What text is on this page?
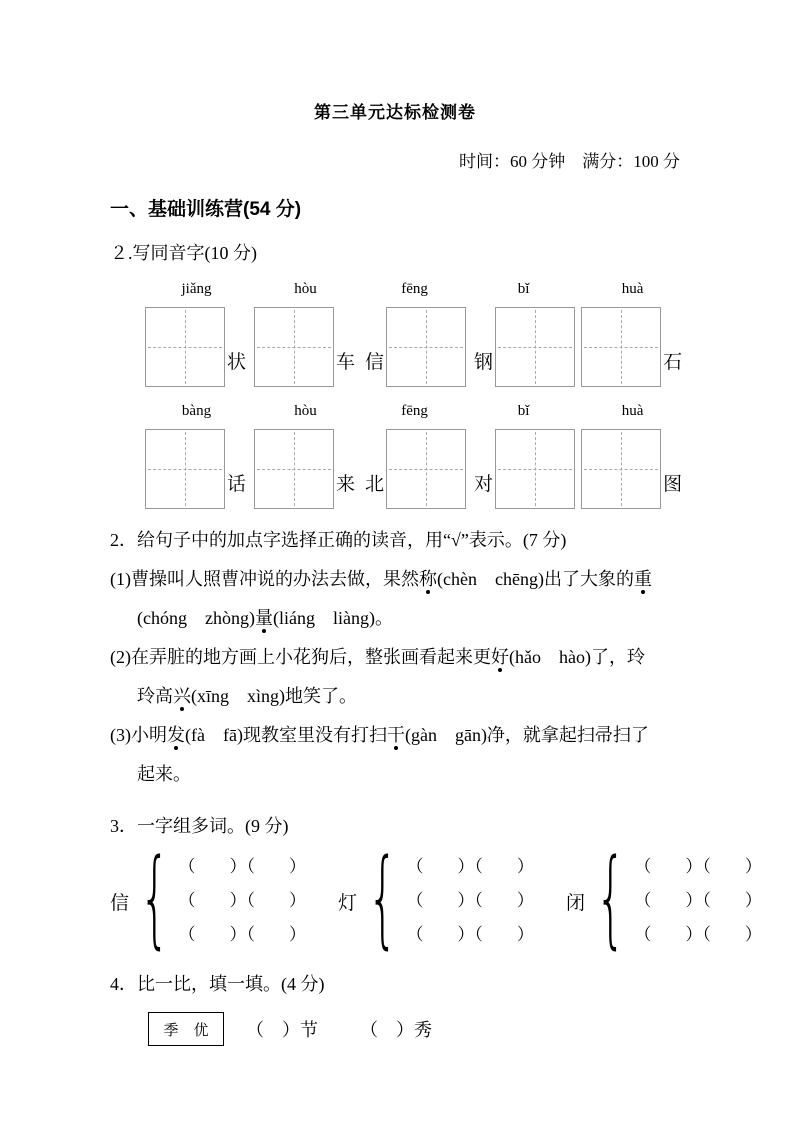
第三单元达标检测卷
时间：60 分钟　满分：100 分
一、基础训练营(54 分)
２.写同音字(10 分)
jiǎng
状
hòu
车
fēng
信
bǐ
钢
huà
石
bàng
话
hòu
来
fēng
北
bǐ
对
huà
图
2．给句子中的加点字选择正确的读音，用“√”表示。(7 分)
(1)曹操叫人照曹冲说的办法去做，果然称(chèn　chēng)出了大象的重
(chóng　zhòng)量(liáng　liàng)。
(2)在弄脏的地方画上小花狗后，整张画看起来更好(hǎo　hào)了，玲
玲高兴(xīng　xìng)地笑了。
(3)小明发(fà　fā)现教室里没有打扫干(gàn　gān)净，就拿起扫帚扫了
起来。
3．一字组多词。(9 分)
信 { （　　）（　　）
（　　）（　　）
（　　）（　　）
灯 { （　　）（　　）
（　　）（　　）
（　　）（　　）
闭 { （　　）（　　）
（　　）（　　）
（　　）（　　）
4．比一比，填一填。(4 分)
季　优	（　）节 （　）秀
